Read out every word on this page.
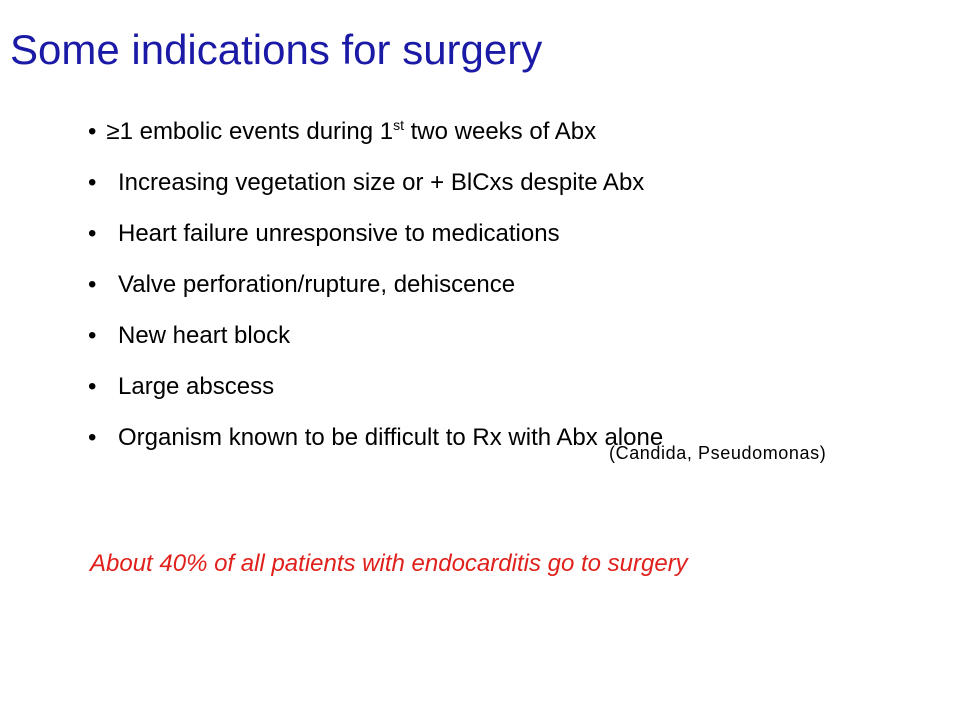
Some indications for surgery
• ≥1 embolic events during 1st two weeks of Abx
• Increasing vegetation size or + BlCxs despite Abx
• Heart failure unresponsive to medications
• Valve perforation/rupture, dehiscence
• New heart block
• Large abscess
• Organism known to be difficult to Rx with Abx alone
(Candida, Pseudomonas)
About 40% of all patients with endocarditis go to surgery
